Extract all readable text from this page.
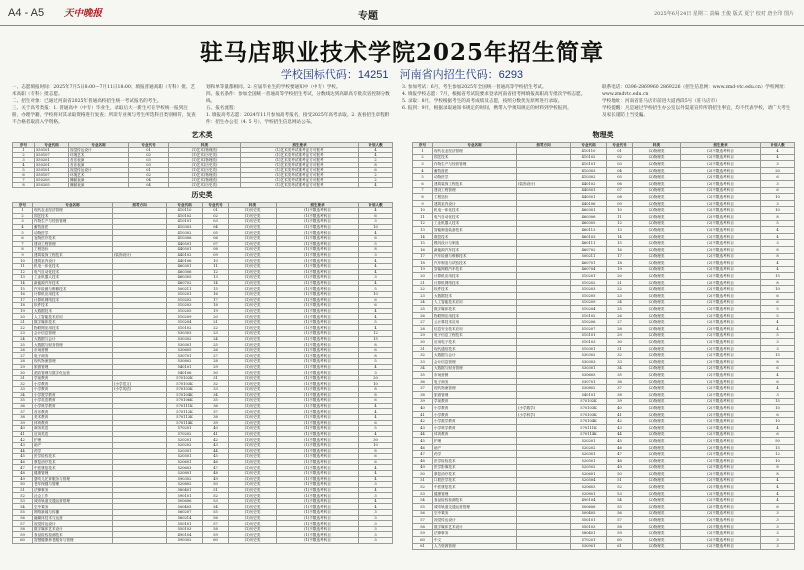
A4 - A5 天中晚报	专题	2025年6月24日 星期二 责编 王俊 版式 夏宁 校对 唐全印 图片
驻马店职业技术学院2025年招生简章
学校国标代码：14251 河南省内招生代码：6293

一、志愿填报时间：2025年7月5日8:00—7月11日18:00；填报普通高职（专科）批、艺术高职（专科）批志愿。

二、招生对象：已通过河南省2025年普通高校招生统一考试报名的考生。

三、关于高考类报：1. 普通高中（中专）毕业生，录取后大一新生可在学校统一报到注册，办理学籍，学校将对其录取资格进行复查；所读专业须与考生所选科目类别相符，复查不合格者取消入学资格。

划和单等量都相同。2. 应届毕业生的学校要通知中（中专）学校。

四、报名条件：参加全国统一普通高等学校招生考试，分数线达到高职高专批次省控制分数线。

五、报名流程：

1. 填报高考志愿：2024年11月参加高考报名，接受2025年高考录取。2. 查看招生章程附件：招生办公室（4. 5 号），学校招生信息网站公布。

3. 参加考试：6月，考生参加2025年全国统一普通高等学校招生考试。

4. 填报学校志愿：7月，根据省考试院要求登录河南省招考网填报高职高专批次学校志愿。

5. 录取：8月，学校根据考生的高考成绩及志愿，按照分数优先原则进行录取。

6. 报到：9月，根据录取通知书规定的时间，携带入学须知规定的材料到学校报到。

联系电话：0396-2869960 2869226（招生信息网：www.zmd-vtc.edu.cn）学校网址：www.zmdvtc.edu.cn

学校地址：河南省驻马店市前进大道西段5号（驻马店市）

学校提醒：凡是通过学校招生办公室以外渠道宣传所谓招生事宜，均不代表学校，请广大考生及家长谨防上当受骗。

艺术类
序号	专业代码	专业名称	专业代号	科类	招生要求	计划人数
1	550101	视觉传达设计	01	(1)艺术(物理类)	(1)艺术类考试准考证方可报考	4
2	550107	环境艺术	02	(1)艺术(历史类)	(1)艺术类考试准考证方可报考	4
3	550201	音乐表演	03	(1)艺术(物理类)	(1)艺术类考试准考证方可报考	2
4	550201	音乐表演	03	(1)艺术(历史类)	(1)艺术类考试准考证方可报考	8
5	550101	视觉传达设计	01	(1)艺术(历史类)	(1)艺术类考试准考证方可报考	6
6	550107	环境艺术	02	(1)艺术(物理类)	(1)艺术类考试准考证方可报考	2
7	550205	舞蹈表演	04	(1)艺术(物理类)	(1)艺术类考试准考证方可报考	2
8	550205	舞蹈表演	04	(1)艺术(历史类)	(1)艺术类考试准考证方可报考	4
历史类
序号	专业名称	招考方向	专业代码	专业代号	科类	招生要求	计划人数
1	现代农业经济管理		410110	01	(1)历史类	(1)不限选考科目	4
2	园艺技术		410102	02	(1)历史类	(1)不限选考科目	6
3	作物生产与经营管理		410101	03	(1)历史类	(1)不限选考科目	3
4	畜牧兽医		410303	04	(1)历史类	(1)不限选考科目	10
5	动物医学		410302	05	(1)历史类	(1)不限选考科目	4
6	宠物医疗技术		410306	06	(1)历史类	(1)不限选考科目	6
7	建设工程管理		440501	07	(1)历史类	(1)不限选考科目	5
8	工程造价		440501	08	(1)历史类	(1)不限选考科目	8
9	建筑装饰工程技术	(装饰设计)	440102	09	(1)历史类	(1)不限选考科目	3
10	建筑室内设计		440106	10	(1)历史类	(1)不限选考科目	4
11	机电一体化技术		460301	11	(1)历史类	(1)不限选考科目	4
12	电气自动化技术		460306	12	(1)历史类	(1)不限选考科目	4
13	工业机器人技术		460305	13	(1)历史类	(1)不限选考科目	3
14	新能源汽车技术		460702	14	(1)历史类	(1)不限选考科目	4
15	汽车检测与维修技术		500211	15	(1)历史类	(1)不限选考科目	5
16	计算机应用技术		510201	16	(1)历史类	(1)不限选考科目	10
17	计算机网络技术		510202	17	(1)历史类	(1)不限选考科目	6
18	软件技术		510203	18	(1)历史类	(1)不限选考科目	6
19	大数据技术		510205	19	(1)历史类	(1)不限选考科目	4
20	人工智能技术应用		510209	20	(1)历史类	(1)不限选考科目	4
21	数字媒体技术		510204	21	(1)历史类	(1)不限选考科目	5
22	物联网应用技术		510102	22	(1)历史类	(1)不限选考科目	4
23	会计信息管理		530303	23	(1)历史类	(1)不限选考科目	12
24	大数据与会计		530302	24	(1)历史类	(1)不限选考科目	15
25	大数据与财务管理		530301	25	(1)历史类	(1)不限选考科目	8
26	市场营销		530605	26	(1)历史类	(1)不限选考科目	6
27	电子商务		530701	27	(1)历史类	(1)不限选考科目	8
28	现代物流管理		530802	28	(1)历史类	(1)不限选考科目	5
29	旅游管理		540101	29	(1)历史类	(1)不限选考科目	4
30	酒店管理与数字化运营		540106	30	(1)历史类	(1)不限选考科目	3
31	学前教育		570102K	31	(1)历史类	(1)不限选考科目	20
32	小学教育	(小学语文)	570103K	32	(1)历史类	(1)不限选考科目	10
33	小学教育	(小学英语)	570103K	33	(1)历史类	(1)不限选考科目	8
34	小学数学教育		570104K	34	(1)历史类	(1)不限选考科目	8
35	小学英语教育		570106K	35	(1)历史类	(1)不限选考科目	6
36	小学科学教育		570111K	36	(1)历史类	(1)不限选考科目	4
37	音乐教育		570112K	37	(1)历史类	(1)不限选考科目	4
38	美术教育		570113K	38	(1)历史类	(1)不限选考科目	4
39	体育教育		570114K	39	(1)历史类	(1)不限选考科目	6
40	商务英语		570201	40	(1)历史类	(1)不限选考科目	5
41	应用英语		570202	41	(1)历史类	(1)不限选考科目	4
42	护理		520201	42	(1)历史类	(1)不限选考科目	30
43	助产		520202	43	(1)历史类	(1)不限选考科目	10
44	药学		520301	44	(1)历史类	(1)不限选考科目	8
45	医学检验技术		520501	45	(1)历史类	(1)不限选考科目	6
46	康复治疗技术		520601	46	(1)历史类	(1)不限选考科目	6
47	中医康复技术		520603	47	(1)历史类	(1)不限选考科目	4
48	健康管理		520801	48	(1)历史类	(1)不限选考科目	4
49	婴幼儿托育服务与管理		590302	49	(1)历史类	(1)不限选考科目	4
50	老年保健与管理		520802	50	(1)历史类	(1)不限选考科目	3
51	法律事务		580401	51	(1)历史类	(1)不限选考科目	4
52	社会工作		590101	52	(1)历史类	(1)不限选考科目	3
53	城市轨道交通运营管理		500606	53	(1)历史类	(1)不限选考科目	4
54	空中乘务		500405	54	(1)历史类	(1)不限选考科目	4
55	网络新闻与传播		560207	55	(1)历史类	(1)不限选考科目	3
56	融媒体技术与运营		560214	56	(1)历史类	(1)不限选考科目	3
57	视觉传达设计		550101	57	(1)历史类	(1)不限选考科目	3
58	数字媒体艺术设计		550103	58	(1)历史类	(1)不限选考科目	3
59	食品检验检测技术		490104	59	(1)历史类	(1)不限选考科目	3
60	智慧健康养老服务与管理		590302	60	(1)历史类	(1)不限选考科目	3
物理类
序号	专业名称	招考方向	专业代码	专业代号	科类	招生要求	计划人数
1	现代农业经济管理		410110	01	(2)物理类	(2)不限选考科目	4
2	园艺技术		410102	02	(2)物理类	(2)不限选考科目	4
3	作物生产与经营管理		410101	03	(2)物理类	(2)不限选考科目	3
4	畜牧兽医		410303	04	(2)物理类	(2)不限选考科目	20
5	动物医学		410302	05	(2)物理类	(2)不限选考科目	6
6	建筑装饰工程技术	(装饰设计)	440102	06	(2)物理类	(2)不限选考科目	3
7	建设工程管理		440501	07	(2)物理类	(2)不限选考科目	6
8	工程造价		440501	08	(2)物理类	(2)不限选考科目	10
9	建筑室内设计		440106	09	(2)物理类	(2)不限选考科目	3
10	机电一体化技术		460301	10	(2)物理类	(2)不限选考科目	10
11	电气自动化技术		460306	11	(2)物理类	(2)不限选考科目	8
12	工业机器人技术		460305	12	(2)物理类	(2)不限选考科目	5
13	智能制造装备技术		460113	13	(2)物理类	(2)不限选考科目	4
14	数控技术		460103	14	(2)物理类	(2)不限选考科目	4
15	模具设计与制造		460111	15	(2)物理类	(2)不限选考科目	3
16	新能源汽车技术		460702	16	(2)物理类	(2)不限选考科目	8
17	汽车检测与维修技术		500211	17	(2)物理类	(2)不限选考科目	8
18	汽车制造与试验技术		460701	18	(2)物理类	(2)不限选考科目	4
19	智能网联汽车技术		460704	19	(2)物理类	(2)不限选考科目	4
20	计算机应用技术		510201	20	(2)物理类	(2)不限选考科目	15
21	计算机网络技术		510202	21	(2)物理类	(2)不限选考科目	8
22	软件技术		510203	22	(2)物理类	(2)不限选考科目	10
23	大数据技术		510205	23	(2)物理类	(2)不限选考科目	6
24	人工智能技术应用		510209	24	(2)物理类	(2)不限选考科目	6
25	数字媒体技术		510204	25	(2)物理类	(2)不限选考科目	5
26	物联网应用技术		510102	26	(2)物理类	(2)不限选考科目	5
27	云计算技术应用		510206	27	(2)物理类	(2)不限选考科目	4
28	信息安全技术应用		510207	28	(2)物理类	(2)不限选考科目	4
29	电子信息工程技术		510101	29	(2)物理类	(2)不限选考科目	5
30	应用电子技术		510103	30	(2)物理类	(2)不限选考科目	3
31	现代通信技术		510301	31	(2)物理类	(2)不限选考科目	3
32	大数据与会计		530302	32	(2)物理类	(2)不限选考科目	15
33	会计信息管理		530303	33	(2)物理类	(2)不限选考科目	8
34	大数据与财务管理		530301	34	(2)物理类	(2)不限选考科目	6
35	市场营销		530605	35	(2)物理类	(2)不限选考科目	4
36	电子商务		530701	36	(2)物理类	(2)不限选考科目	6
37	现代物流管理		530802	37	(2)物理类	(2)不限选考科目	4
38	旅游管理		540101	38	(2)物理类	(2)不限选考科目	3
39	学前教育		570102K	39	(2)物理类	(2)不限选考科目	15
40	小学教育	(小学数学)	570103K	40	(2)物理类	(2)不限选考科目	10
41	小学教育	(小学科学)	570103K	41	(2)物理类	(2)不限选考科目	6
42	小学数学教育		570104K	42	(2)物理类	(2)不限选考科目	10
43	小学科学教育		570111K	43	(2)物理类	(2)不限选考科目	4
44	体育教育		570114K	44	(2)物理类	(2)不限选考科目	6
45	护理		520201	45	(2)物理类	(2)不限选考科目	50
46	助产		520202	46	(2)物理类	(2)不限选考科目	15
47	药学		520301	47	(2)物理类	(2)不限选考科目	12
48	医学检验技术		520501	48	(2)物理类	(2)不限选考科目	10
49	医学影像技术		520502	49	(2)物理类	(2)不限选考科目	8
50	康复治疗技术		520601	50	(2)物理类	(2)不限选考科目	8
51	口腔医学技术		520504	51	(2)物理类	(2)不限选考科目	4
52	中医康复技术		520603	52	(2)物理类	(2)不限选考科目	4
53	健康管理		520801	53	(2)物理类	(2)不限选考科目	4
54	食品检验检测技术		490104	54	(2)物理类	(2)不限选考科目	4
55	城市轨道交通运营管理		500606	55	(2)物理类	(2)不限选考科目	6
56	空中乘务		500405	56	(2)物理类	(2)不限选考科目	3
57	视觉传达设计		550101	57	(2)物理类	(2)不限选考科目	3
58	数字媒体艺术设计		550103	58	(2)物理类	(2)不限选考科目	3
59	法律事务		580401	59	(2)物理类	(2)不限选考科目	3
60	中文		570201	60	(2)物理类	(2)不限选考科目	3
61	人力资源管理		530901	61	(2)物理类	(2)不限选考科目	3
